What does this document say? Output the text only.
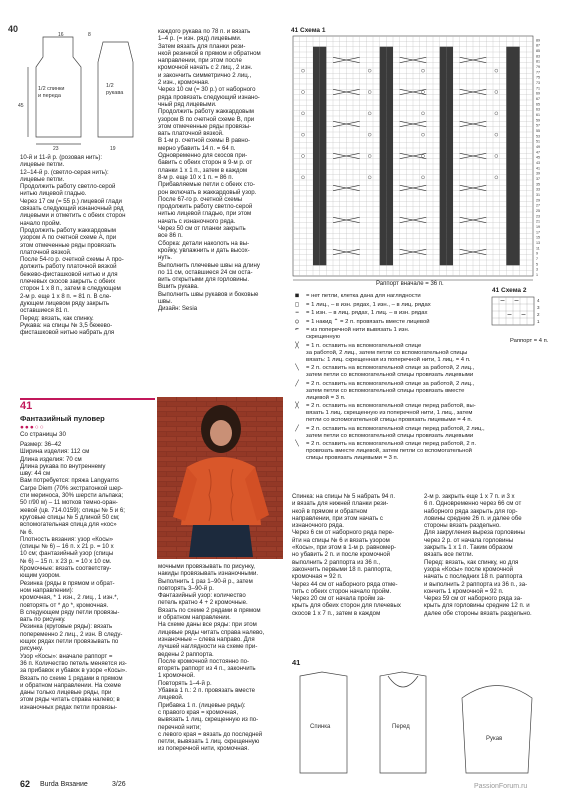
40
1/2 спинки
и переда
1/2
рукава
23
45
19
16	8
10-й и 11-й р. (розовая нить):
лицевые петли.
12–14-й р. (светло-серая нить):
лицевые петли.
Продолжить работу светло-серой
нитью лицевой гладью.
Через 17 см (= 55 р.) лицевой глади
связать следующий изнаночный ряд
лицевыми и отметить с обеих сторон
начало пройм.
Продолжить работу жаккардовым
узором А по счетной схеме А, при
этом отмеченные ряды провязать
платочной вязкой.
После 54-го р. счетной схемы А про-
должить работу платочной вязкой
бежево-фисташковой нитью и для
плечевых скосов закрыть с обеих
сторон 1 х 8 п., затем в следующем
2-м р. еще 1 х 8 п. = 81 п. В сле-
дующем лицевом ряду закрыть
оставшиеся 81 п.
Перед: вязать, как спинку.
Рукава: на спицы № 3,5 бежево-
фисташковой нитью набрать для
каждого рукава по 78 п. и вязать
1–4 р. (= изн. ряд) лицевыми.
Затем вязать для планки рези-
нкой резинкой в прямом и обратном
направлении, при этом после
кромочной начать с 2 лиц., 2 изн.
и закончить симметрично 2 лиц.,
2 изн., кромочная.
Через 10 см (= 30 р.) от наборного
ряда провязать следующий изнано-
чный ряд лицевыми.
Продолжить работу жаккардовым
узором В по счетной схеме В, при
этом отмеченные ряды провязы-
вать платочной вязкой.
В 1-м р. счетной схемы В равно-
мерно убавить 14 п. = 64 п.
Одновременно для скосов при-
бавить с обеих сторон в 9-м р. от
планки 1 х 1 п., затем в каждом
8-м р. еще 10 х 1 п. = 86 п.
Прибавляемые петли с обеих сто-
рон включать в жаккардовый узор.
После 67-го р. счетной схемы
продолжить работу светло-серой
нитью лицевой гладью, при этом
начать с изнаночного ряда.
Через 50 см от планки закрыть
все 86 п.
Сборка: детали наколоть на вы-
кройку, увлажнить и дать высох-
нуть.
Выполнить плечевые швы на длину
по 11 см, оставшиеся 24 см оста-
вить открытыми для горловины.
Вшить рукава.
Выполнить швы рукавов и боковые
швы.
Дизайн: Sesia
41
Фантазийный пуловер
●●●○○
Со страницы 30
Размер: 36–42
Ширина изделия: 112 см
Длина изделия: 70 см
Длина рукава по внутреннему
шву: 44 см
Вам потребуется: пряжа Langyarns
Carpe Diem (70% экстратонкой шер-
сти мериноса, 30% шерсти альпака;
50 г/90 м) – 11 мотков темно-оран-
жевой (цв. 714.0159); спицы № 5 и 6;
круговые спицы № 5 длиной 50 см;
вспомогательная спица для «кос»
№ 6.
Плотность вязания: узор «Косы»
(спицы № 6) – 16 п. х 21 р. = 10 х
10 см; фантазийный узор (спицы
№ 6) – 15 п. х 23 р. = 10 х 10 см.
Кромочные: вязать соответству-
ющим узором.
Резинка (ряды в прямом и обрат-
ном направлении):
кромочная, * 1 изн., 2 лиц., 1 изн.*,
повторять от * до *, кромочная.
В следующем ряду петли провязы-
вать по рисунку.
Резинка (круговые ряды): вязать
попеременно 2 лиц., 2 изн. В следу-
ющих рядах петли провязывать по
рисунку.
Узор «Косы»: вначале раппорт =
36 п. Количество петель меняется из-
за прибавок и убавок в узоре «Косы».
Вязать по схеме 1 рядами в прямом
и обратном направлении. На схеме
даны только лицевые ряды, при
этом ряды читать справа налево; в
изнаночных рядах петли провязы-
мочными провязывать по рисунку,
накиды провязывать изнаночными.
Выполнить 1 раз 1–90-й р., затем
повторять 3–90-й р.
Фантазийный узор: количество
петель кратно 4 + 2 кромочные.
Вязать по схеме 2 рядами в прямом
и обратном направлении.
На схеме даны все ряды: при этом
лицевые ряды читать справа налево,
изнаночные – слева направо. Для
лучшей наглядности на схеме при-
ведены 2 раппорта.
После кромочной постоянно по-
вторять раппорт из 4 п., закончить
1 кромочной.
Повторять 1–4-й р.
Убавка 1 п.: 2 п. провязать вместе
лицевой.
Прибавка 1 п. (лицевые ряды):
с правого края = кромочная,
вывязать 1 лиц. скрещенную из по-
перечной нити;
с левого края = вязать до последней
петли, вывязать 1 лиц. скрещенную
из поперечной нити, кромочная.
41 Схема 1
89
87
85
83
81
79
77
75
73
71
69
67
65
63
61
59
57
55
53
51
49
47
45
43
41
39
37
35
33
31
29
27
25
23
21
19
17
15
13
11
9
7
5
3
1
Раппорт вначале = 36 п.
41 Схема 2
4
3
2
1
Раппорт = 4 п.
■	= нет петли, клетка дана для наглядности
□	= 1 лиц., – в изн. рядах, 1 изн., – в лиц. рядах
−	= 1 изн. – в лиц. рядах, 1 лиц. – в изн. рядах
○	= 1 накид ⌃ = 2 п. провязать вместе лицевой
⌐	= из поперечной нити вывязать 1 изн.
скрещенную
╳	= 1 п. оставить на вспомогательной спице
за работой, 2 лиц., затем петли со вспомогательной спицы
вязать: 1 лиц. скрещенная из поперечной нити, 1 лиц. = 4 п.
╲	= 2 п. оставить на вспомогательной спице за работой, 2 лиц.,
затем петли со вспомогательной спицы провязать лицевыми
╱	= 2 п. оставить на вспомогательной спице за работой, 2 лиц.,
затем петли со вспомогательной спицы провязать вместе
лицевой = 3 п.
╳	= 2 п. оставить на вспомогательной спице перед работой, вы-
вязать 1 лиц. скрещенную из поперечной нити, 1 лиц., затем
петли со вспомогательной спицы провязать лицевыми = 4 п.
╱	= 2 п. оставить на вспомогательной спице перед работой, 2 лиц.,
затем петли со вспомогательной спицы провязать лицевыми
╲	= 2 п. оставить на вспомогательной спице перед работой, 2 п.
провязать вместе лицевой, затем петли со вспомогательной
спицы провязать лицевыми = 3 п.
Спинка: на спицы № 5 набрать 94 п.
и вязать для нижней планки рези-
нкой в прямом и обратном
направлении, при этом начать с
изнаночного ряда.
Через 6 см от наборного ряда пере-
йти на спицы № 6 и вязать узором
«Косы», при этом в 1-м р. равномер-
но убавить 2 п. и после кромочной
выполнить 2 раппорта из 36 п.,
закончить первыми 18 п. раппорта,
кромочная = 92 п.
Через 44 см от наборного ряда отме-
тить с обеих сторон начало пройм.
Через 20 см от начала пройм за-
крыть для обеих сторон для плечевых
скосов 1 х 7 п., затем в каждом
2-м р. закрыть еще 1 х 7 п. и 3 х
6 п. Одновременно через 66 см от
наборного ряда закрыть для гор-
ловины средние 26 п. и далее обе
стороны вязать раздельно.
Для закругления выреза горловины
через 2 р. от начала горловины
закрыть 1 х 1 п. Таким образом
вязать все петли.
Перед: вязать, как спинку, но для
узора «Косы» после кромочной
начать с последних 18 п. раппорта
и выполнить 2 раппорта из 36 п., за-
кончить 1 кромочной = 92 п.
Через 59 см от наборного ряда за-
крыть для горловины средние 12 п. и
далее обе стороны вязать раздельно.
41
Спинка	Перед
Рукав
62 Burda Вязание	3/26	PassionForum.ru
